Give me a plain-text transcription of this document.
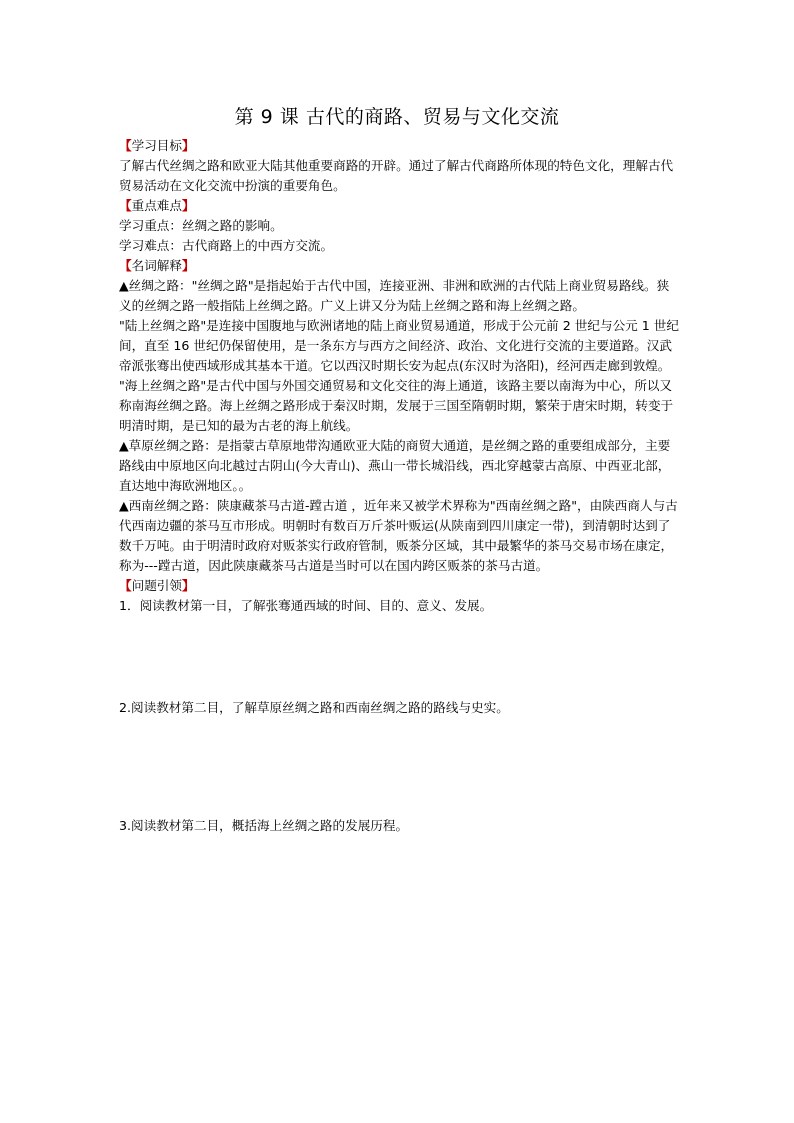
第 9 课 古代的商路、贸易与文化交流

【学习目标】

了解古代丝绸之路和欧亚大陆其他重要商路的开辟。通过了解古代商路所体现的特色文化，理解古代贸易活动在文化交流中扮演的重要角色。

【重点难点】

学习重点：丝绸之路的影响。

学习难点：古代商路上的中西方交流。

【名词解释】

▲丝绸之路："丝绸之路"是指起始于古代中国，连接亚洲、非洲和欧洲的古代陆上商业贸易路线。狭义的丝绸之路一般指陆上丝绸之路。广义上讲又分为陆上丝绸之路和海上丝绸之路。

"陆上丝绸之路"是连接中国腹地与欧洲诸地的陆上商业贸易通道，形成于公元前 2 世纪与公元 1 世纪间，直至 16 世纪仍保留使用，是一条东方与西方之间经济、政治、文化进行交流的主要道路。汉武帝派张骞出使西域形成其基本干道。它以西汉时期长安为起点(东汉时为洛阳)，经河西走廊到敦煌。

"海上丝绸之路"是古代中国与外国交通贸易和文化交往的海上通道，该路主要以南海为中心，所以又称南海丝绸之路。海上丝绸之路形成于秦汉时期，发展于三国至隋朝时期，繁荣于唐宋时期，转变于明清时期，是已知的最为古老的海上航线。

▲草原丝绸之路：是指蒙古草原地带沟通欧亚大陆的商贸大通道，是丝绸之路的重要组成部分，主要路线由中原地区向北越过古阴山(今大青山)、燕山一带长城沿线，西北穿越蒙古高原、中西亚北部，直达地中海欧洲地区。。

▲西南丝绸之路：陕康藏茶马古道-蹚古道 ，近年来又被学术界称为"西南丝绸之路"，由陕西商人与古代西南边疆的茶马互市形成。明朝时有数百万斤茶叶贩运(从陕南到四川康定一带)，到清朝时达到了数千万吨。由于明清时政府对贩茶实行政府管制，贩茶分区域，其中最繁华的茶马交易市场在康定，称为---蹚古道，因此陕康藏茶马古道是当时可以在国内跨区贩茶的茶马古道。

【问题引领】

1．阅读教材第一目，了解张骞通西域的时间、目的、意义、发展。

2.阅读教材第二目，了解草原丝绸之路和西南丝绸之路的路线与史实。

3.阅读教材第二目，概括海上丝绸之路的发展历程。
